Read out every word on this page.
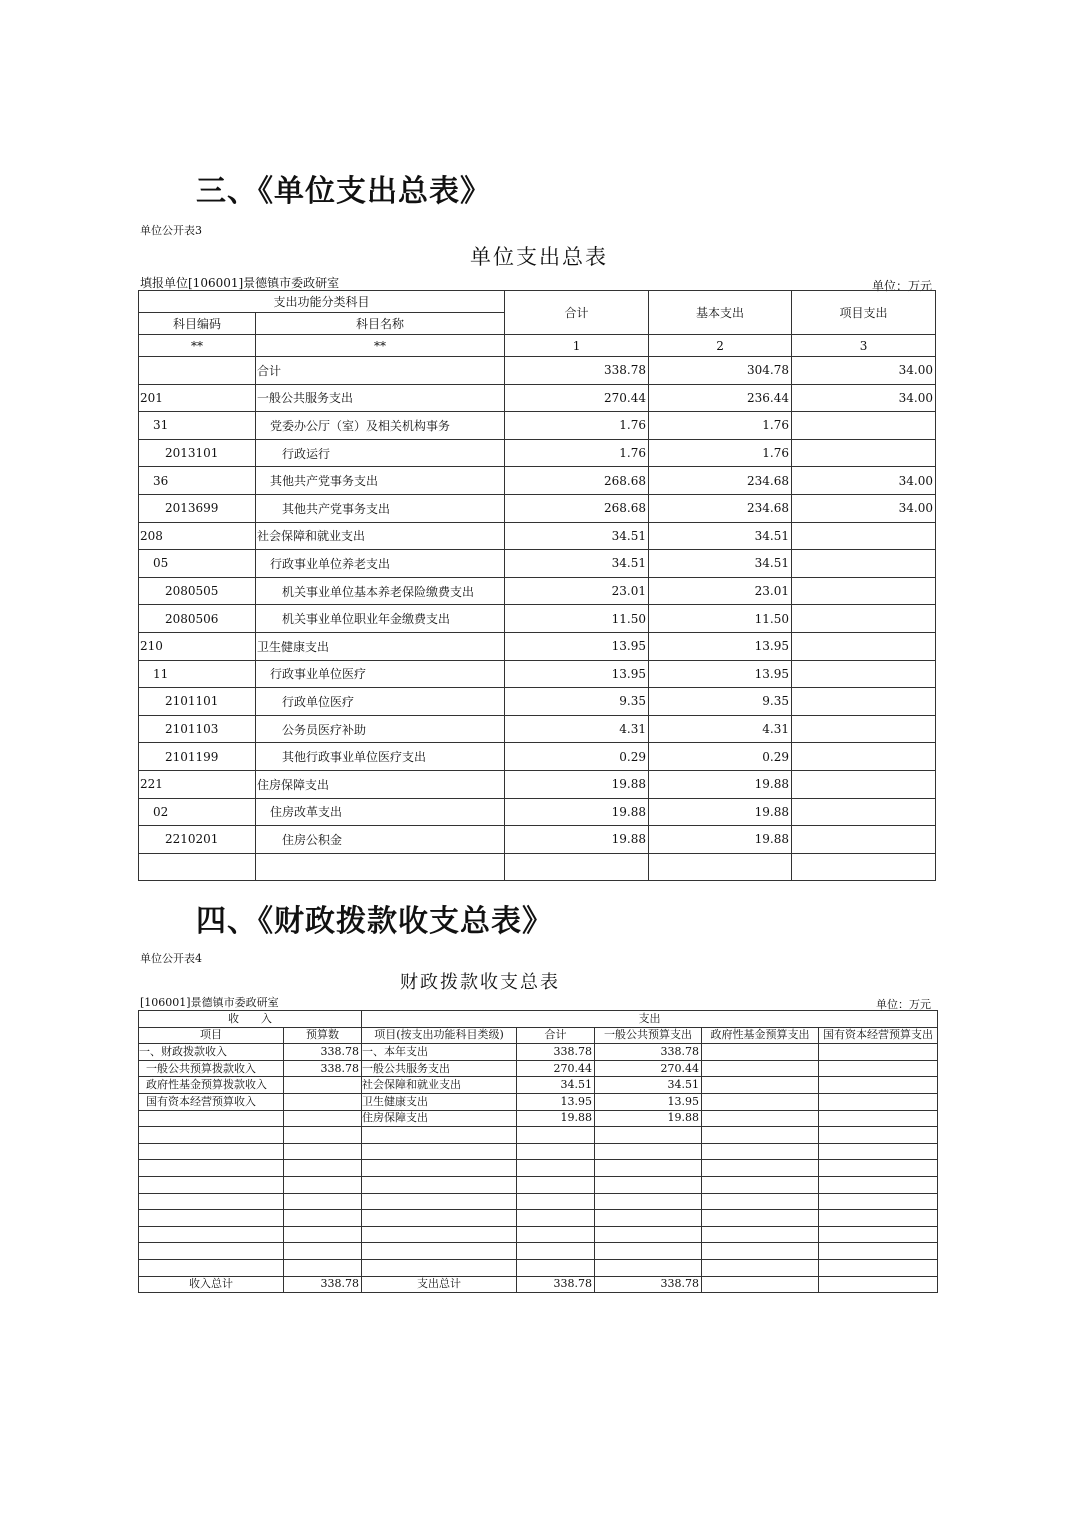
三、《单位支出总表》
单位公开表3
单位支出总表
填报单位[106001]景德镇市委政研室	单位：万元
支出功能分类科目		合计	基本支出	项目支出
科目编码	科目名称			
**	**	1	2	3
	合计	338.78	304.78	34.00
201	一般公共服务支出	270.44	236.44	34.00
31	党委办公厅（室）及相关机构事务	1.76	1.76	
2013101	行政运行	1.76	1.76	
36	其他共产党事务支出	268.68	234.68	34.00
2013699	其他共产党事务支出	268.68	234.68	34.00
208	社会保障和就业支出	34.51	34.51	
05	行政事业单位养老支出	34.51	34.51	
2080505	机关事业单位基本养老保险缴费支出	23.01	23.01	
2080506	机关事业单位职业年金缴费支出	11.50	11.50	
210	卫生健康支出	13.95	13.95	
11	行政事业单位医疗	13.95	13.95	
2101101	行政单位医疗	9.35	9.35	
2101103	公务员医疗补助	4.31	4.31	
2101199	其他行政事业单位医疗支出	0.29	0.29	
221	住房保障支出	19.88	19.88	
02	住房改革支出	19.88	19.88	
2210201	住房公积金	19.88	19.88	

四、《财政拨款收支总表》
单位公开表4
财政拨款收支总表
[106001]景德镇市委政研室	单位：万元
收　　入		支出				
项目	预算数	项目(按支出功能科目类级)	合计	一般公共预算支出	政府性基金预算支出	国有资本经营预算支出
一、财政拨款收入	338.78	一、本年支出	338.78	338.78		
一般公共预算拨款收入	338.78	一般公共服务支出	270.44	270.44		
政府性基金预算拨款收入		社会保障和就业支出	34.51	34.51		
国有资本经营预算收入		卫生健康支出	13.95	13.95		
		住房保障支出	19.88	19.88		

收入总计	338.78	支出总计	338.78	338.78		
